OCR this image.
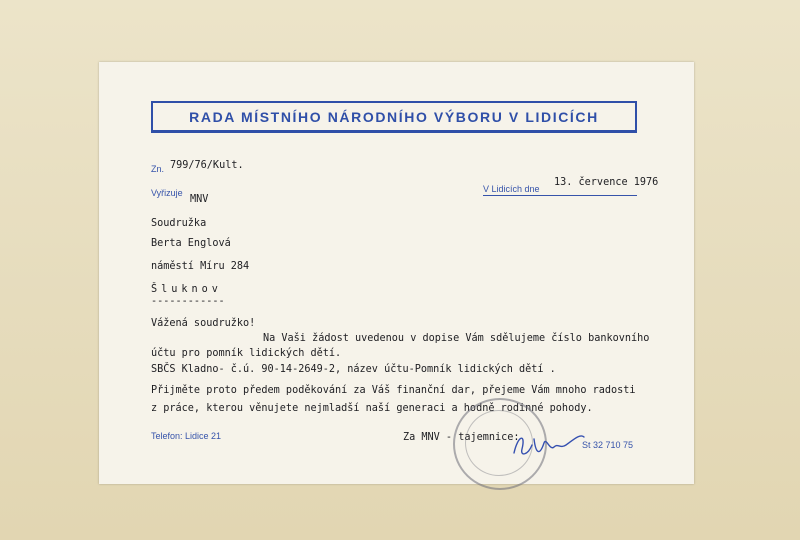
RADA MÍSTNÍHO NÁRODNÍHO VÝBORU V LIDICÍCH
Zn. 799/76/Kult.
Vyřizuje
MNV
V Lidicích dne
13. července 1976
Soudružka
Berta Englová
náměstí Míru 284
Šluknov
------------
Vážená soudružko!
Na Vaši žádost uvedenou v dopise Vám sdělujeme číslo bankovního
účtu pro pomník lidických dětí.
SBČS Kladno- č.ú. 90-14-2649-2, název účtu-Pomník lidických dětí .
Přijměte proto předem poděkování za Váš finanční dar, přejeme Vám mnoho radosti
z práce, kterou věnujete nejmladší naší generaci a hodně rodinné pohody.
Telefon: Lidice 21	Za MNV - tajemnice:
St 32 710 75
